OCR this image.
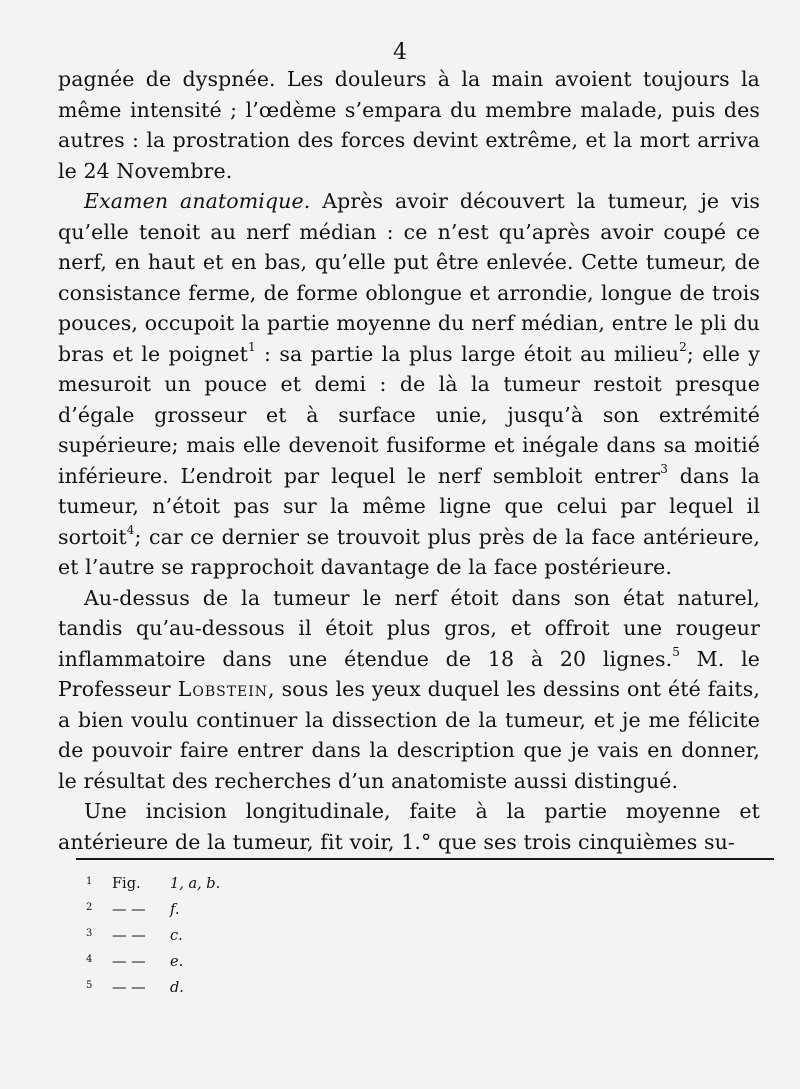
4

pagnée de dyspnée. Les douleurs à la main avoient toujours la même intensité ; l’œdème s’empara du membre malade, puis des autres : la prostration des forces devint extrême, et la mort arriva le 24 Novembre.

Examen anatomique. Après avoir découvert la tumeur, je vis qu’elle tenoit au nerf médian : ce n’est qu’après avoir coupé ce nerf, en haut et en bas, qu’elle put être enlevée. Cette tumeur, de consistance ferme, de forme oblongue et arrondie, longue de trois pouces, occupoit la partie moyenne du nerf médian, entre le pli du bras et le poignet$^1$ : sa partie la plus large étoit au milieu$^2$; elle y mesuroit un pouce et demi : de là la tumeur restoit presque d’égale grosseur et à surface unie, jusqu’à son extrémité supérieure; mais elle devenoit fusiforme et inégale dans sa moitié inférieure. L’endroit par lequel le nerf sembloit entrer$^3$ dans la tumeur, n’étoit pas sur la même ligne que celui par lequel il sortoit$^4$; car ce dernier se trouvoit plus près de la face antérieure, et l’autre se rapprochoit davantage de la face postérieure.

Au-dessus de la tumeur le nerf étoit dans son état naturel, tandis qu’au-dessous il étoit plus gros, et offroit une rougeur inflammatoire dans une étendue de 18 à 20 lignes.$^5$ M. le Professeur Lobstein, sous les yeux duquel les dessins ont été faits, a bien voulu continuer la dissection de la tumeur, et je me félicite de pouvoir faire entrer dans la description que je vais en donner, le résultat des recherches d’un anatomiste aussi distingué.

Une incision longitudinale, faite à la partie moyenne et antérieure de la tumeur, fit voir, 1.° que ses trois cinquièmes su-

1	Fig.	1, a, b.
2	— —	f.
3	— —	c.
4	— —	e.
5	— —	d.
